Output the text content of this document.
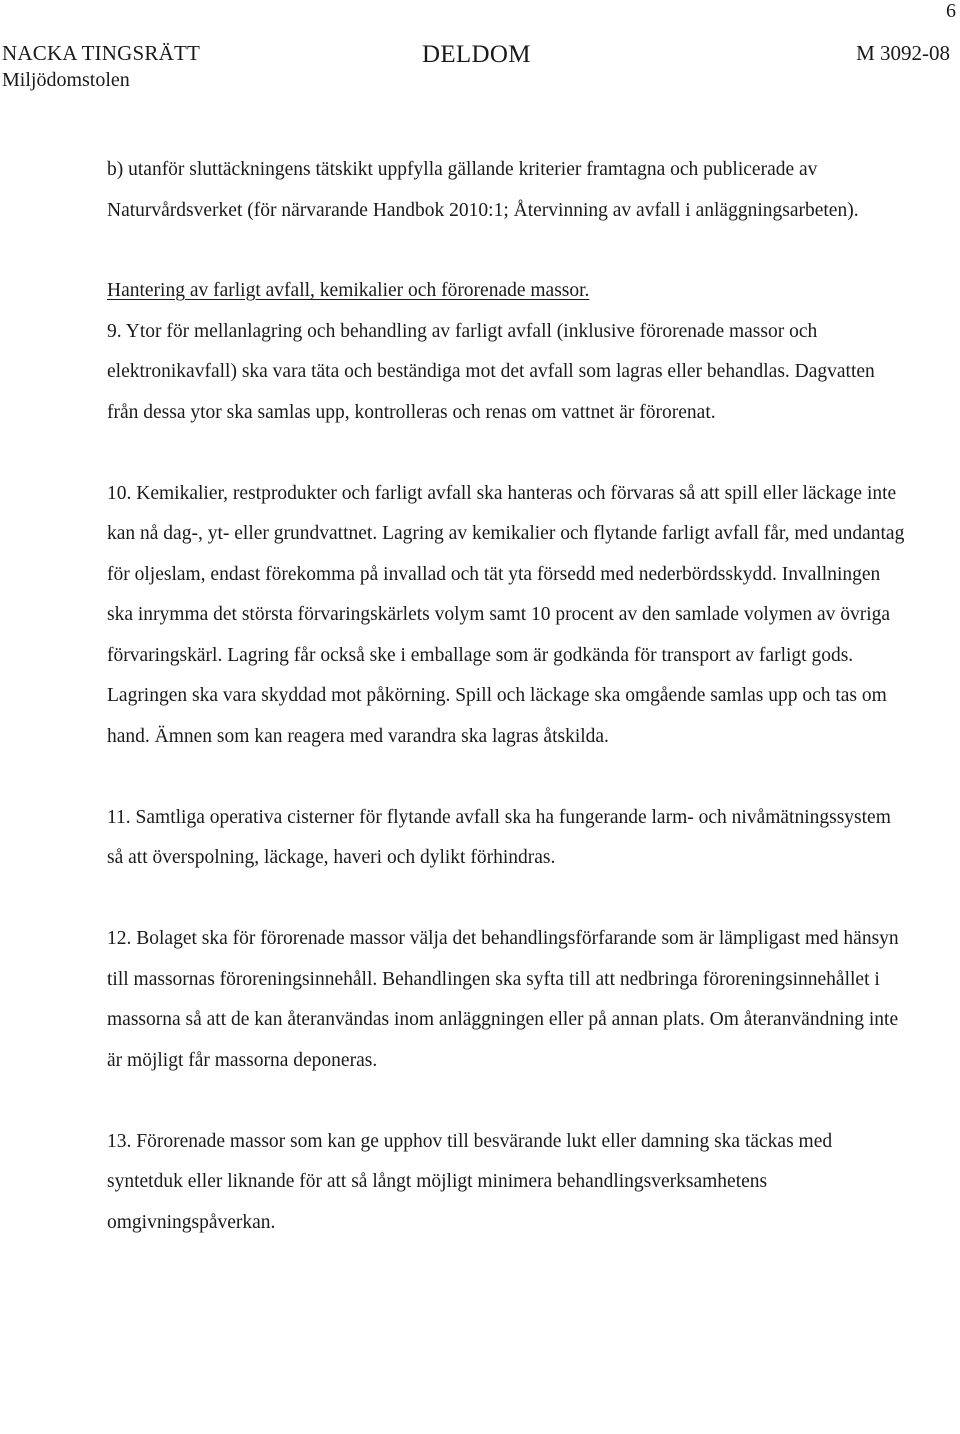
6
NACKA TINGSRÄTT
Miljödomstolen
DELDOM	M 3092-08

b) utanför sluttäckningens tätskikt uppfylla gällande kriterier framtagna och publicerade av Naturvårdsverket (för närvarande Handbok 2010:1; Återvinning av avfall i anläggningsarbeten).

Hantering av farligt avfall, kemikalier och förorenade massor.

9. Ytor för mellanlagring och behandling av farligt avfall (inklusive förorenade massor och elektronikavfall) ska vara täta och beständiga mot det avfall som lagras eller behandlas. Dagvatten från dessa ytor ska samlas upp, kontrolleras och renas om vattnet är förorenat.

10. Kemikalier, restprodukter och farligt avfall ska hanteras och förvaras så att spill eller läckage inte kan nå dag-, yt- eller grundvattnet. Lagring av kemikalier och flytande farligt avfall får, med undantag för oljeslam, endast förekomma på invallad och tät yta försedd med nederbördsskydd. Invallningen ska inrymma det största förvaringskärlets volym samt 10 procent av den samlade volymen av övriga förvaringskärl. Lagring får också ske i emballage som är godkända för transport av farligt gods. Lagringen ska vara skyddad mot påkörning. Spill och läckage ska omgående samlas upp och tas om hand. Ämnen som kan reagera med varandra ska lagras åtskilda.

11. Samtliga operativa cisterner för flytande avfall ska ha fungerande larm- och nivåmätningssystem så att överspolning, läckage, haveri och dylikt förhindras.

12. Bolaget ska för förorenade massor välja det behandlingsförfarande som är lämpligast med hänsyn till massornas föroreningsinnehåll. Behandlingen ska syfta till att nedbringa föroreningsinnehållet i massorna så att de kan återanvändas inom anläggningen eller på annan plats. Om återanvändning inte är möjligt får massorna deponeras.

13. Förorenade massor som kan ge upphov till besvärande lukt eller damning ska täckas med syntetduk eller liknande för att så långt möjligt minimera behandlingsverksamhetens omgivningspåverkan.
